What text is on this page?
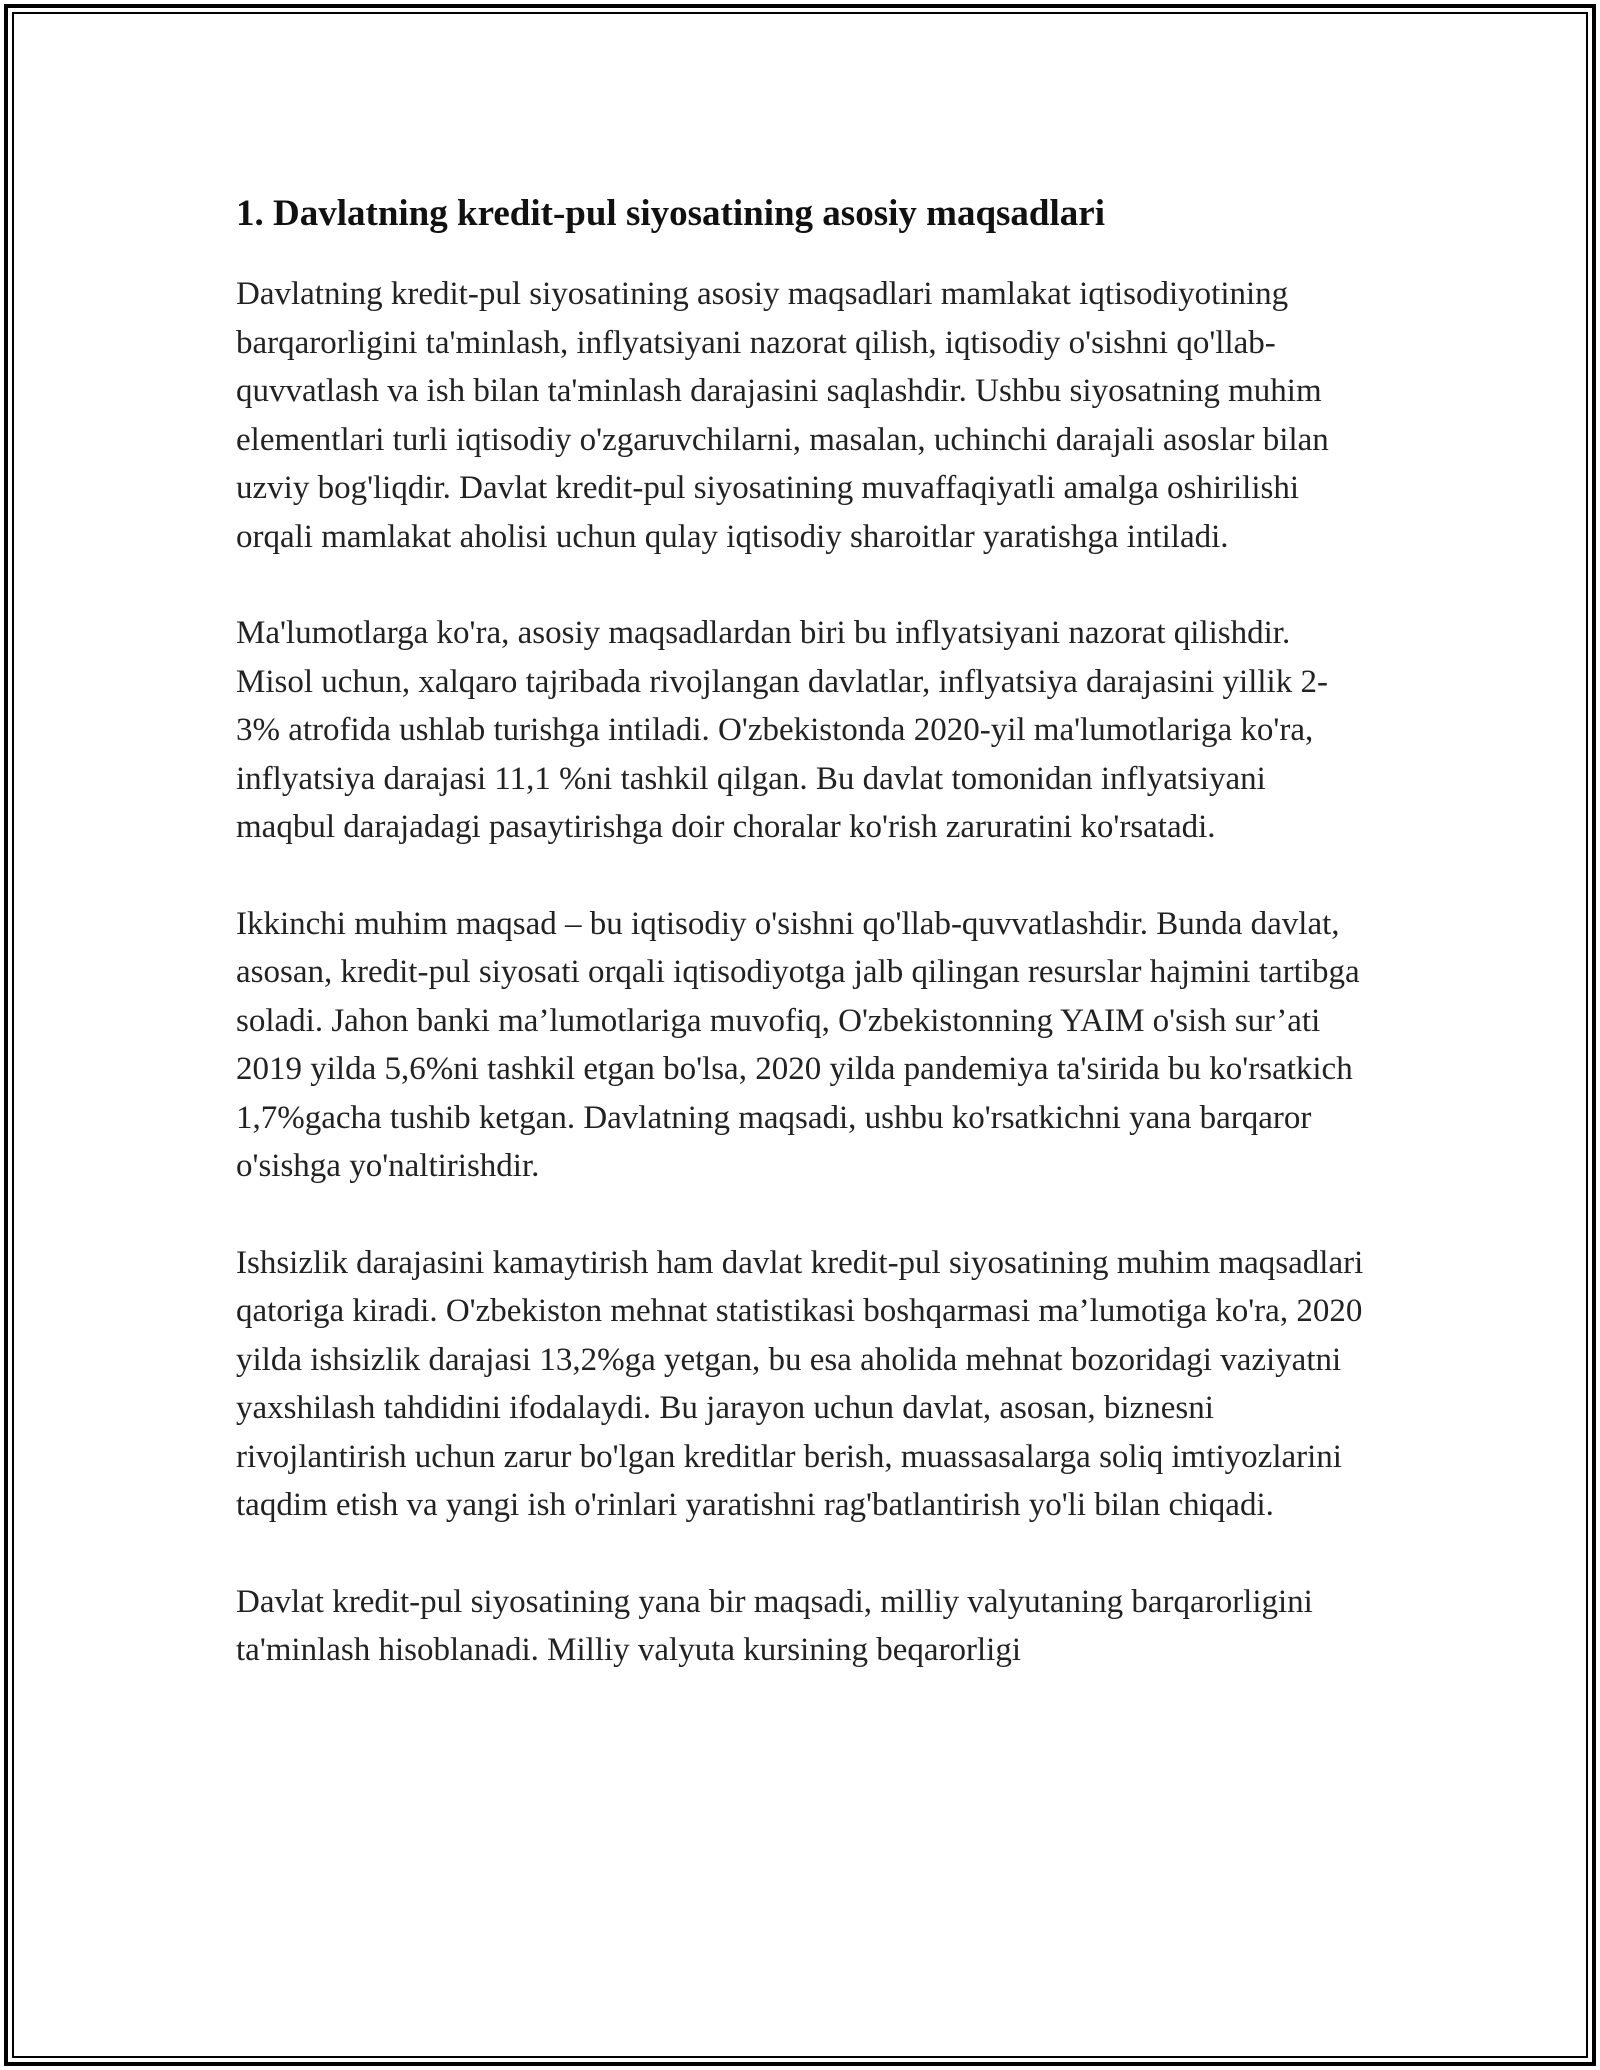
1. Davlatning kredit-pul siyosatining asosiy maqsadlari

Davlatning kredit-pul siyosatining asosiy maqsadlari mamlakat iqtisodiyotining barqarorligini ta'minlash, inflyatsiyani nazorat qilish, iqtisodiy o'sishni qo'llab-quvvatlash va ish bilan ta'minlash darajasini saqlashdir. Ushbu siyosatning muhim elementlari turli iqtisodiy o'zgaruvchilarni, masalan, uchinchi darajali asoslar bilan uzviy bog'liqdir. Davlat kredit-pul siyosatining muvaffaqiyatli amalga oshirilishi orqali mamlakat aholisi uchun qulay iqtisodiy sharoitlar yaratishga intiladi.

Ma'lumotlarga ko'ra, asosiy maqsadlardan biri bu inflyatsiyani nazorat qilishdir. Misol uchun, xalqaro tajribada rivojlangan davlatlar, inflyatsiya darajasini yillik 2-3% atrofida ushlab turishga intiladi. O'zbekistonda 2020-yil ma'lumotlariga ko'ra, inflyatsiya darajasi 11,1 %ni tashkil qilgan. Bu davlat tomonidan inflyatsiyani maqbul darajadagi pasaytirishga doir choralar ko'rish zaruratini ko'rsatadi.

Ikkinchi muhim maqsad – bu iqtisodiy o'sishni qo'llab-quvvatlashdir. Bunda davlat, asosan, kredit-pul siyosati orqali iqtisodiyotga jalb qilingan resurslar hajmini tartibga soladi. Jahon banki ma’lumotlariga muvofiq, O'zbekistonning YAIM o'sish sur’ati 2019 yilda 5,6%ni tashkil etgan bo'lsa, 2020 yilda pandemiya ta'sirida bu ko'rsatkich 1,7%gacha tushib ketgan. Davlatning maqsadi, ushbu ko'rsatkichni yana barqaror o'sishga yo'naltirishdir.

Ishsizlik darajasini kamaytirish ham davlat kredit-pul siyosatining muhim maqsadlari qatoriga kiradi. O'zbekiston mehnat statistikasi boshqarmasi ma’lumotiga ko'ra, 2020 yilda ishsizlik darajasi 13,2%ga yetgan, bu esa aholida mehnat bozoridagi vaziyatni yaxshilash tahdidini ifodalaydi. Bu jarayon uchun davlat, asosan, biznesni rivojlantirish uchun zarur bo'lgan kreditlar berish, muassasalarga soliq imtiyozlarini taqdim etish va yangi ish o'rinlari yaratishni rag'batlantirish yo'li bilan chiqadi.

Davlat kredit-pul siyosatining yana bir maqsadi, milliy valyutaning barqarorligini ta'minlash hisoblanadi. Milliy valyuta kursining beqarorligi
